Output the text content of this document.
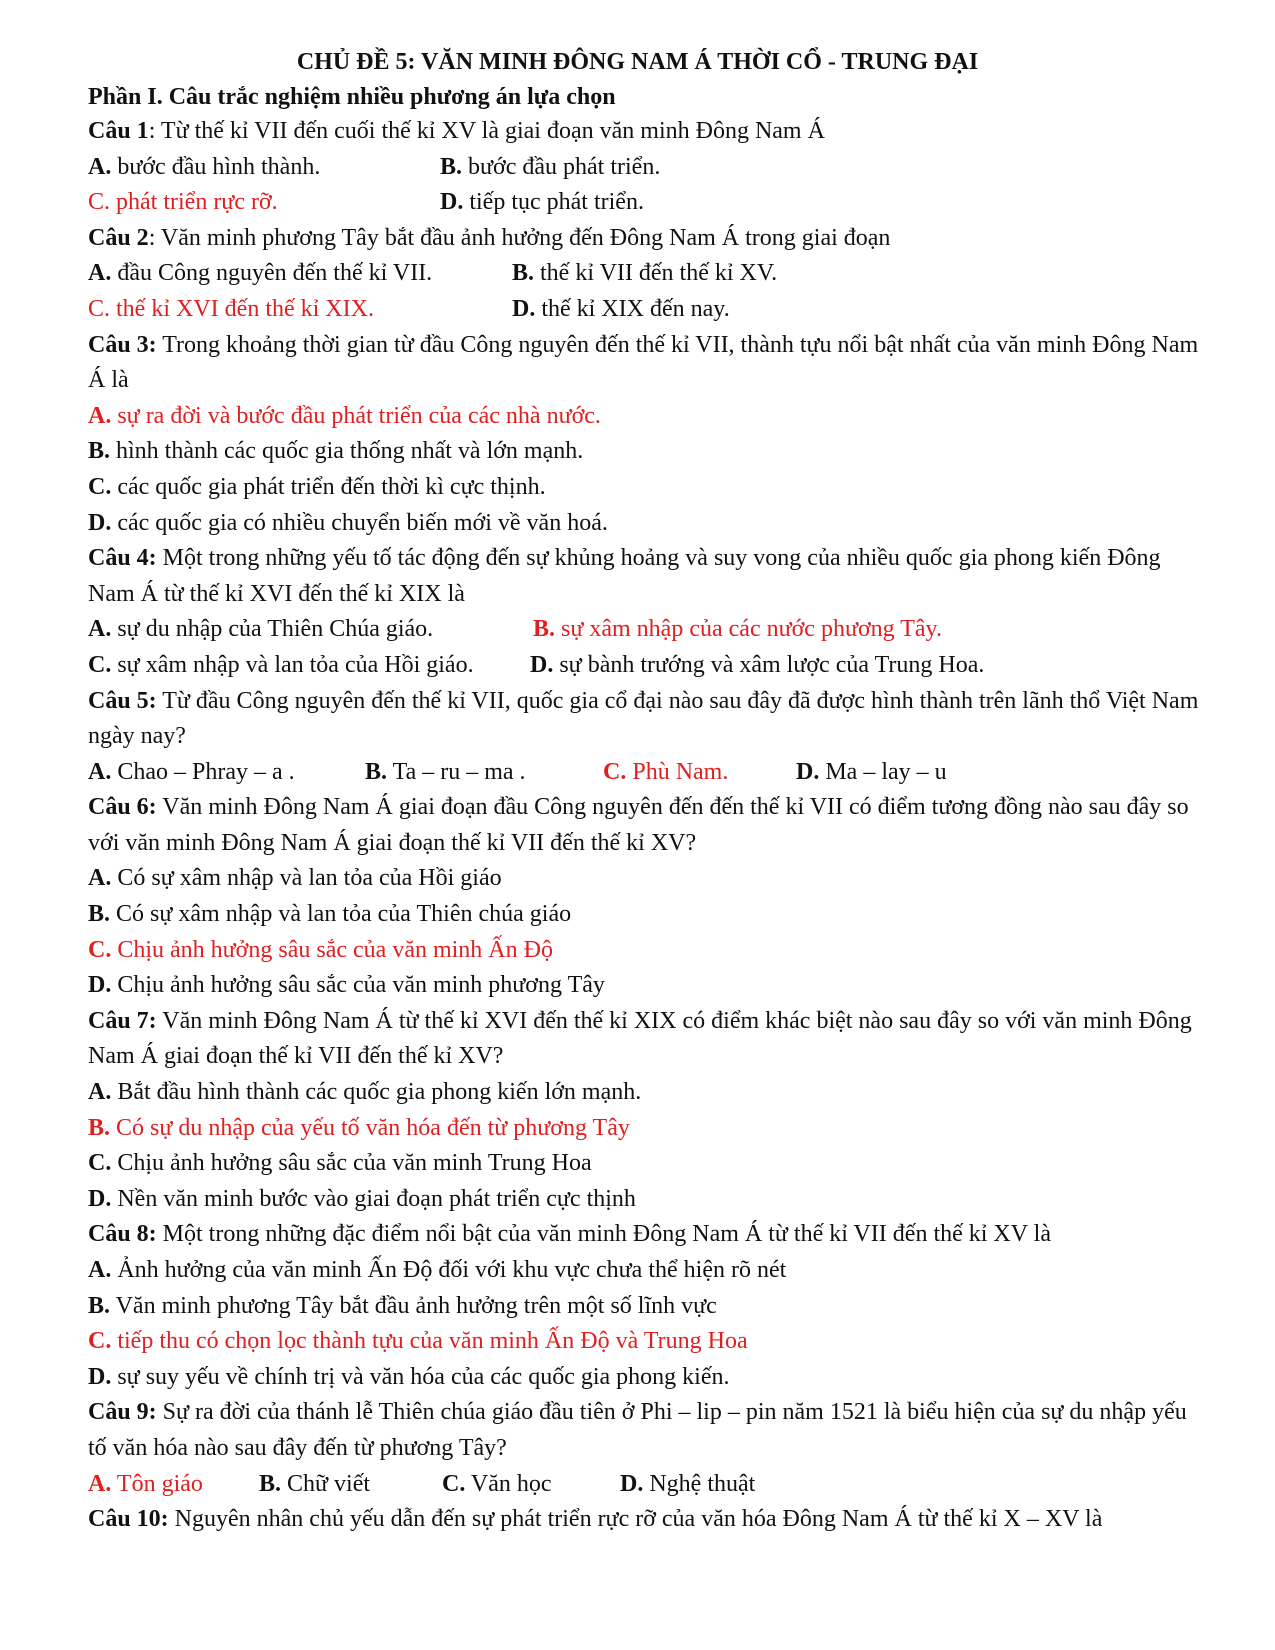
CHỦ ĐỀ 5: VĂN MINH ĐÔNG NAM Á THỜI CỔ - TRUNG ĐẠI
Phần I. Câu trắc nghiệm nhiều phương án lựa chọn

Câu 1: Từ thế kỉ VII đến cuối thế kỉ XV là giai đoạn văn minh Đông Nam Á

A. bước đầu hình thành.	B. bước đầu phát triển.
C. phát triển rực rỡ.	D. tiếp tục phát triển.

Câu 2: Văn minh phương Tây bắt đầu ảnh hưởng đến Đông Nam Á trong giai đoạn

A. đầu Công nguyên đến thế kỉ VII.	B. thế kỉ VII đến thế kỉ XV.
C. thế kỉ XVI đến thế kỉ XIX.	D. thế kỉ XIX đến nay.

Câu 3: Trong khoảng thời gian từ đầu Công nguyên đến thế kỉ VII, thành tựu nổi bật nhất của văn minh Đông Nam Á là

A. sự ra đời và bước đầu phát triển của các nhà nước.
B. hình thành các quốc gia thống nhất và lớn mạnh.
C. các quốc gia phát triển đến thời kì cực thịnh.
D. các quốc gia có nhiều chuyển biến mới về văn hoá.

Câu 4: Một trong những yếu tố tác động đến sự khủng hoảng và suy vong của nhiều quốc gia phong kiến Đông Nam Á từ thế kỉ XVI đến thế kỉ XIX là

A. sự du nhập của Thiên Chúa giáo.	B. sự xâm nhập của các nước phương Tây.
C. sự xâm nhập và lan tỏa của Hồi giáo. D. sự bành trướng và xâm lược của Trung Hoa.

Câu 5: Từ đầu Công nguyên đến thế kỉ VII, quốc gia cổ đại nào sau đây đã được hình thành trên lãnh thổ Việt Nam ngày nay?

A. Chao – Phray – a .	B. Ta – ru – ma .	C. Phù Nam.	D. Ma – lay – u

Câu 6: Văn minh Đông Nam Á giai đoạn đầu Công nguyên đến đến thế kỉ VII có điểm tương đồng nào sau đây so với văn minh Đông Nam Á giai đoạn thế kỉ VII đến thế kỉ XV?

A. Có sự xâm nhập và lan tỏa của Hồi giáo
B. Có sự xâm nhập và lan tỏa của Thiên chúa giáo
C. Chịu ảnh hưởng sâu sắc của văn minh Ấn Độ
D. Chịu ảnh hưởng sâu sắc của văn minh phương Tây

Câu 7: Văn minh Đông Nam Á từ thế kỉ XVI đến thế kỉ XIX có điểm khác biệt nào sau đây so với văn minh Đông Nam Á giai đoạn thế kỉ VII đến thế kỉ XV?

A. Bắt đầu hình thành các quốc gia phong kiến lớn mạnh.
B. Có sự du nhập của yếu tố văn hóa đến từ phương Tây
C. Chịu ảnh hưởng sâu sắc của văn minh Trung Hoa
D. Nền văn minh bước vào giai đoạn phát triển cực thịnh

Câu 8: Một trong những đặc điểm nổi bật của văn minh Đông Nam Á từ thế kỉ VII đến thế kỉ XV là

A. Ảnh hưởng của văn minh Ấn Độ đối với khu vực chưa thể hiện rõ nét
B. Văn minh phương Tây bắt đầu ảnh hưởng trên một số lĩnh vực
C. tiếp thu có chọn lọc thành tựu của văn minh Ấn Độ và Trung Hoa
D. sự suy yếu về chính trị và văn hóa của các quốc gia phong kiến.

Câu 9: Sự ra đời của thánh lễ Thiên chúa giáo đầu tiên ở Phi – lip – pin năm 1521 là biểu hiện của sự du nhập yếu tố văn hóa nào sau đây đến từ phương Tây?

A. Tôn giáo B. Chữ viết	C. Văn học	D. Nghệ thuật

Câu 10: Nguyên nhân chủ yếu dẫn đến sự phát triển rực rỡ của văn hóa Đông Nam Á từ thế kỉ X – XV là
